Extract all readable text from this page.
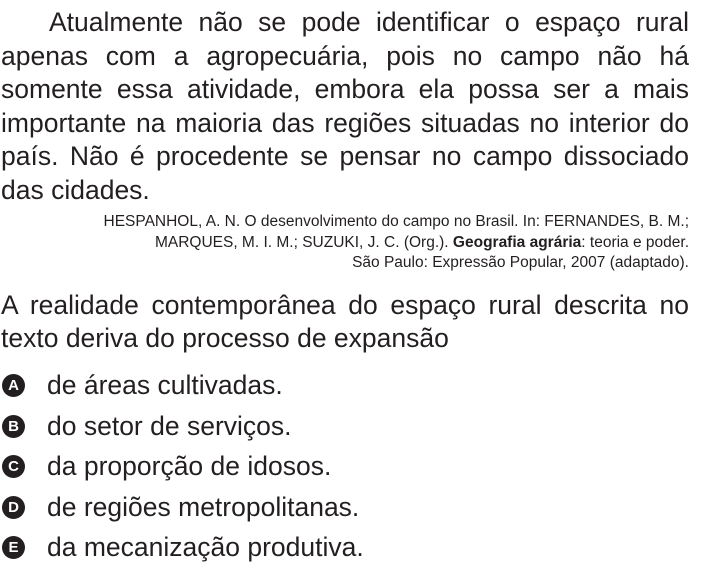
Atualmente não se pode identificar o espaço rural apenas com a agropecuária, pois no campo não há somente essa atividade, embora ela possa ser a mais importante na maioria das regiões situadas no interior do país. Não é procedente se pensar no campo dissociado das cidades.

HESPANHOL, A. N. O desenvolvimento do campo no Brasil. In: FERNANDES, B. M.;
MARQUES, M. I. M.; SUZUKI, J. C. (Org.). Geografia agrária: teoria e poder.
São Paulo: Expressão Popular, 2007 (adaptado).

A realidade contemporânea do espaço rural descrita no texto deriva do processo de expansão

A de áreas cultivadas.
B do setor de serviços.
C da proporção de idosos.
D de regiões metropolitanas.
E da mecanização produtiva.
